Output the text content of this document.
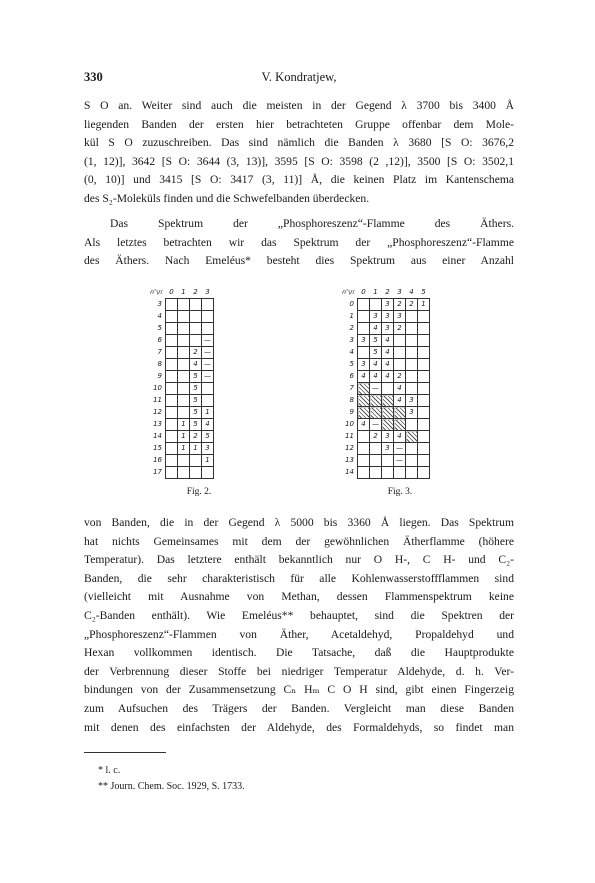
330	V. Kondratjew,
S O an. Weiter sind auch die meisten in der Gegend λ 3700 bis 3400 Å
liegenden Banden der ersten hier betrachteten Gruppe offenbar dem Mole-
kül S O zuzuschreiben. Das sind nämlich die Banden λ 3680 [S O: 3676,2
(1, 12)], 3642 [S O: 3644 (3, 13)], 3595 [S O: 3598 (2 ,12)], 3500 [S O: 3502,1
(0, 10)] und 3415 [S O: 3417 (3, 11)] Å, die keinen Platz im Kantenschema
des S₂-Moleküls finden und die Schwefelbanden überdecken.
Das Spektrum der „Phosphoreszenz“-Flamme des Äthers.
Als letztes betrachten wir das Spektrum der „Phosphoreszenz“-Flamme
des Äthers. Nach Emeléus* besteht dies Spektrum aus einer Anzahl
n″\n′	0	1	2	3
3				
4				
5				
6				—
7			2	—
8			4	—
9			5	—
10			5	
11			5	
12			5	1
13		1	5	4
14		1	2	5
15		1	1	3
16				1
17				
Fig. 2.
n″\n′	0	1	2	3	4	5
0			3	2	2	1
1		3	3	3		
2		4	3	2		
3	3	5	4			
4		5	4			
5	3	4	4			
6	4	4	4	2		
7		—		4		
8				4	3	
9					3	
10	4	—				
11		2	3	4		
12			3	—		
13				—		
14						
Fig. 3.
von Banden, die in der Gegend λ 5000 bis 3360 Å liegen. Das Spektrum
hat nichts Gemeinsames mit dem der gewöhnlichen Ätherflamme (höhere
Temperatur). Das letztere enthält bekanntlich nur O H-, C H- und C₂-
Banden, die sehr charakteristisch für alle Kohlenwasserstoffflammen sind
(vielleicht mit Ausnahme von Methan, dessen Flammenspektrum keine
C₂-Banden enthält). Wie Emeléus** behauptet, sind die Spektren der
„Phosphoreszenz“-Flammen von Äther, Acetaldehyd, Propaldehyd und
Hexan vollkommen identisch. Die Tatsache, daß die Hauptprodukte
der Verbrennung dieser Stoffe bei niedriger Temperatur Aldehyde, d. h. Ver-
bindungen von der Zusammensetzung Cₙ Hₘ C O H sind, gibt einen Fingerzeig
zum Aufsuchen des Trägers der Banden. Vergleicht man diese Banden
mit denen des einfachsten der Aldehyde, des Formaldehyds, so findet man
* l. c.
** Journ. Chem. Soc. 1929, S. 1733.
